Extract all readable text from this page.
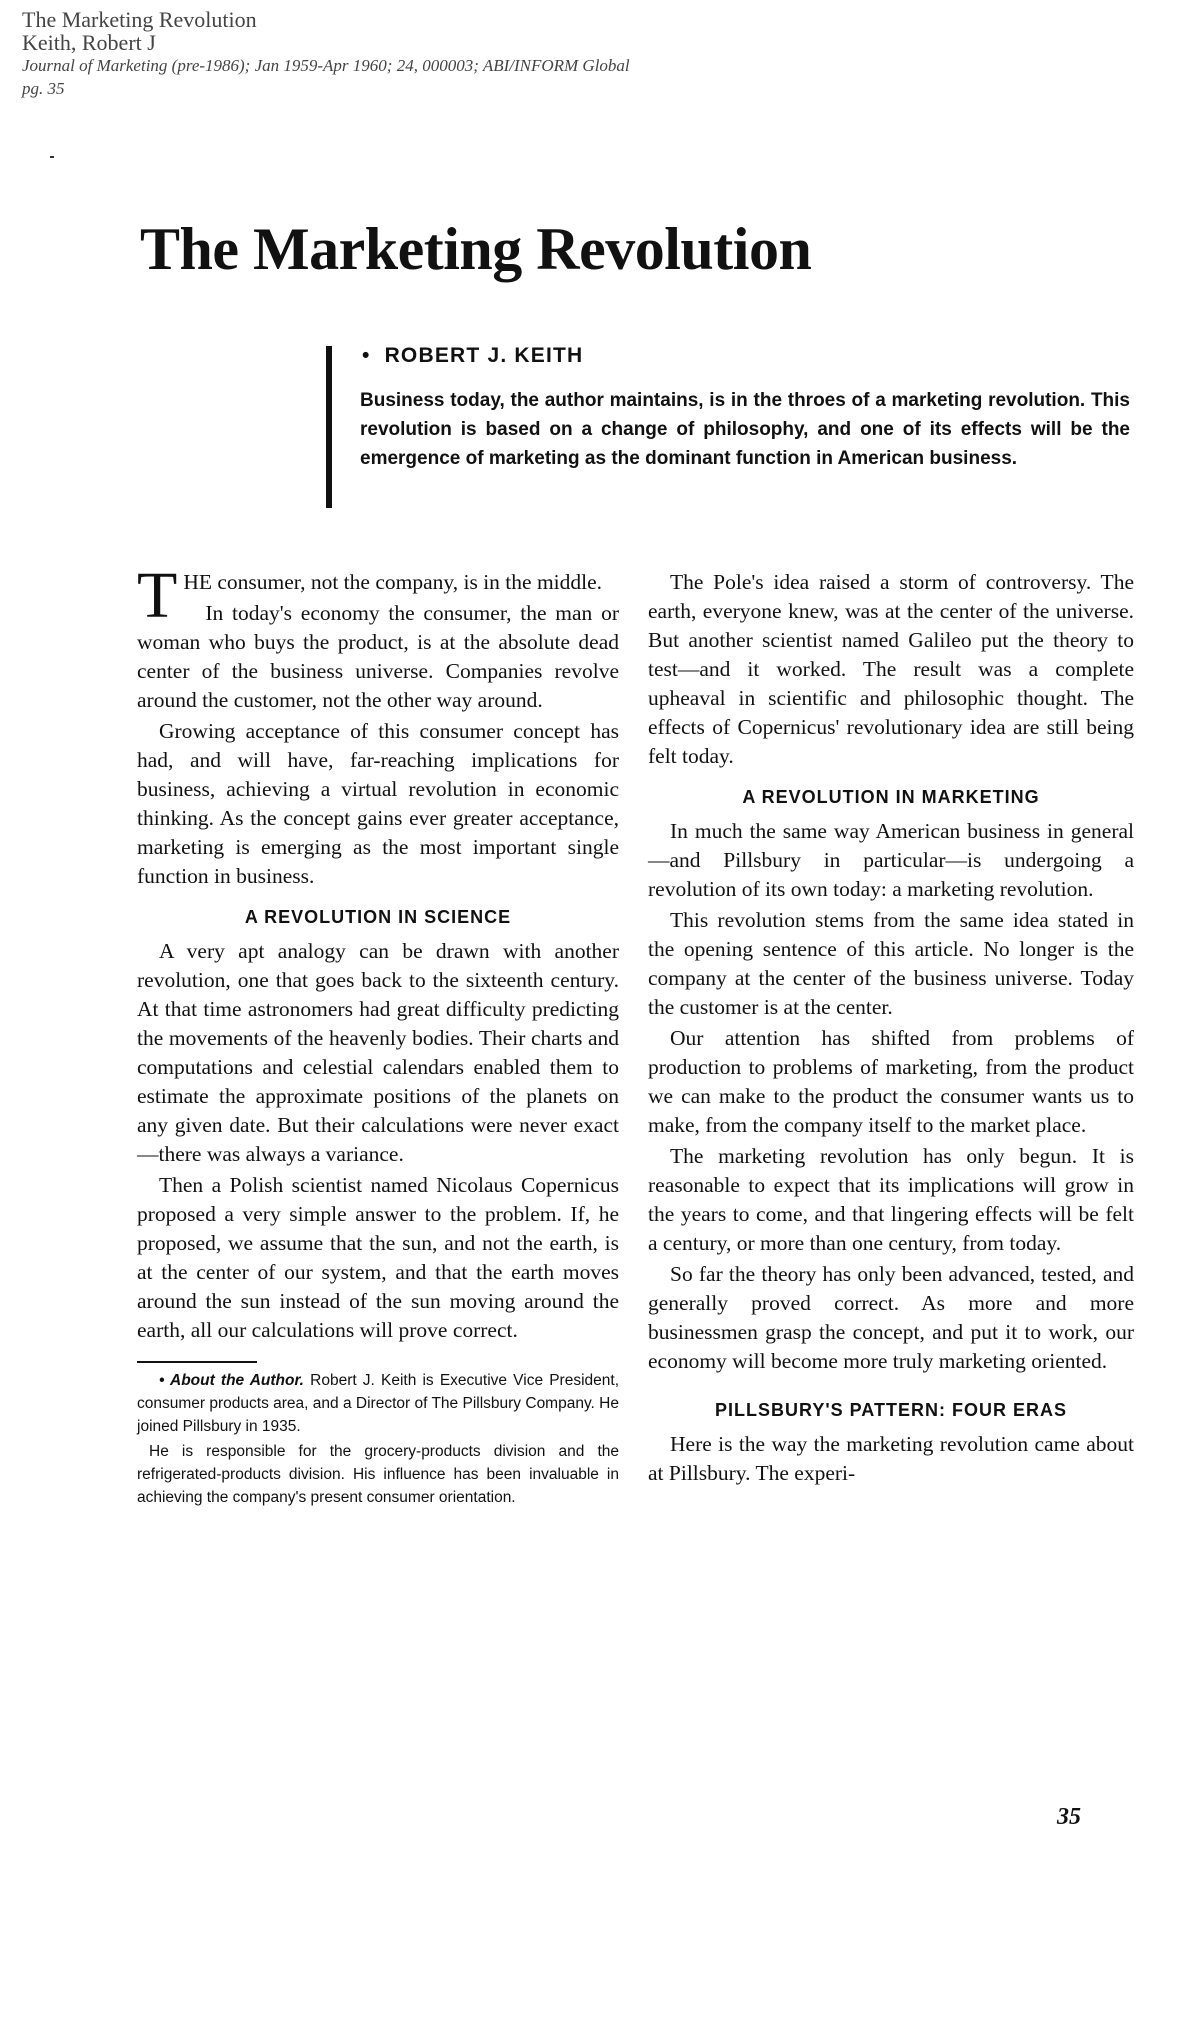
The Marketing Revolution
Keith, Robert J
Journal of Marketing (pre-1986); Jan 1959-Apr 1960; 24, 000003; ABI/INFORM Global
pg. 35
The Marketing Revolution
• ROBERT J. KEITH
Business today, the author maintains, is in the throes of a marketing revolution. This revolution is based on a change of philosophy, and one of its effects will be the emergence of marketing as the dominant function in American business.

THE consumer, not the company, is in the middle.

In today's economy the consumer, the man or woman who buys the product, is at the absolute dead center of the business universe. Companies revolve around the customer, not the other way around.

Growing acceptance of this consumer concept has had, and will have, far-reaching implications for business, achieving a virtual revolution in economic thinking. As the concept gains ever greater acceptance, marketing is emerging as the most important single function in business.

A REVOLUTION IN SCIENCE

A very apt analogy can be drawn with another revolution, one that goes back to the sixteenth century. At that time astronomers had great difficulty predicting the movements of the heavenly bodies. Their charts and computations and celestial calendars enabled them to estimate the approximate positions of the planets on any given date. But their calculations were never exact—there was always a variance.

Then a Polish scientist named Nicolaus Copernicus proposed a very simple answer to the problem. If, he proposed, we assume that the sun, and not the earth, is at the center of our system, and that the earth moves around the sun instead of the sun moving around the earth, all our calculations will prove correct.

• About the Author. Robert J. Keith is Executive Vice President, consumer products area, and a Director of The Pillsbury Company. He joined Pillsbury in 1935.

He is responsible for the grocery-products division and the refrigerated-products division. His influence has been invaluable in achieving the company's present consumer orientation.

The Pole's idea raised a storm of controversy. The earth, everyone knew, was at the center of the universe. But another scientist named Galileo put the theory to test—and it worked. The result was a complete upheaval in scientific and philosophic thought. The effects of Copernicus' revolutionary idea are still being felt today.

A REVOLUTION IN MARKETING

In much the same way American business in general—and Pillsbury in particular—is undergoing a revolution of its own today: a marketing revolution.

This revolution stems from the same idea stated in the opening sentence of this article. No longer is the company at the center of the business universe. Today the customer is at the center.

Our attention has shifted from problems of production to problems of marketing, from the product we can make to the product the consumer wants us to make, from the company itself to the market place.

The marketing revolution has only begun. It is reasonable to expect that its implications will grow in the years to come, and that lingering effects will be felt a century, or more than one century, from today.

So far the theory has only been advanced, tested, and generally proved correct. As more and more businessmen grasp the concept, and put it to work, our economy will become more truly marketing oriented.

PILLSBURY'S PATTERN: FOUR ERAS

Here is the way the marketing revolution came about at Pillsbury. The experi-

35
